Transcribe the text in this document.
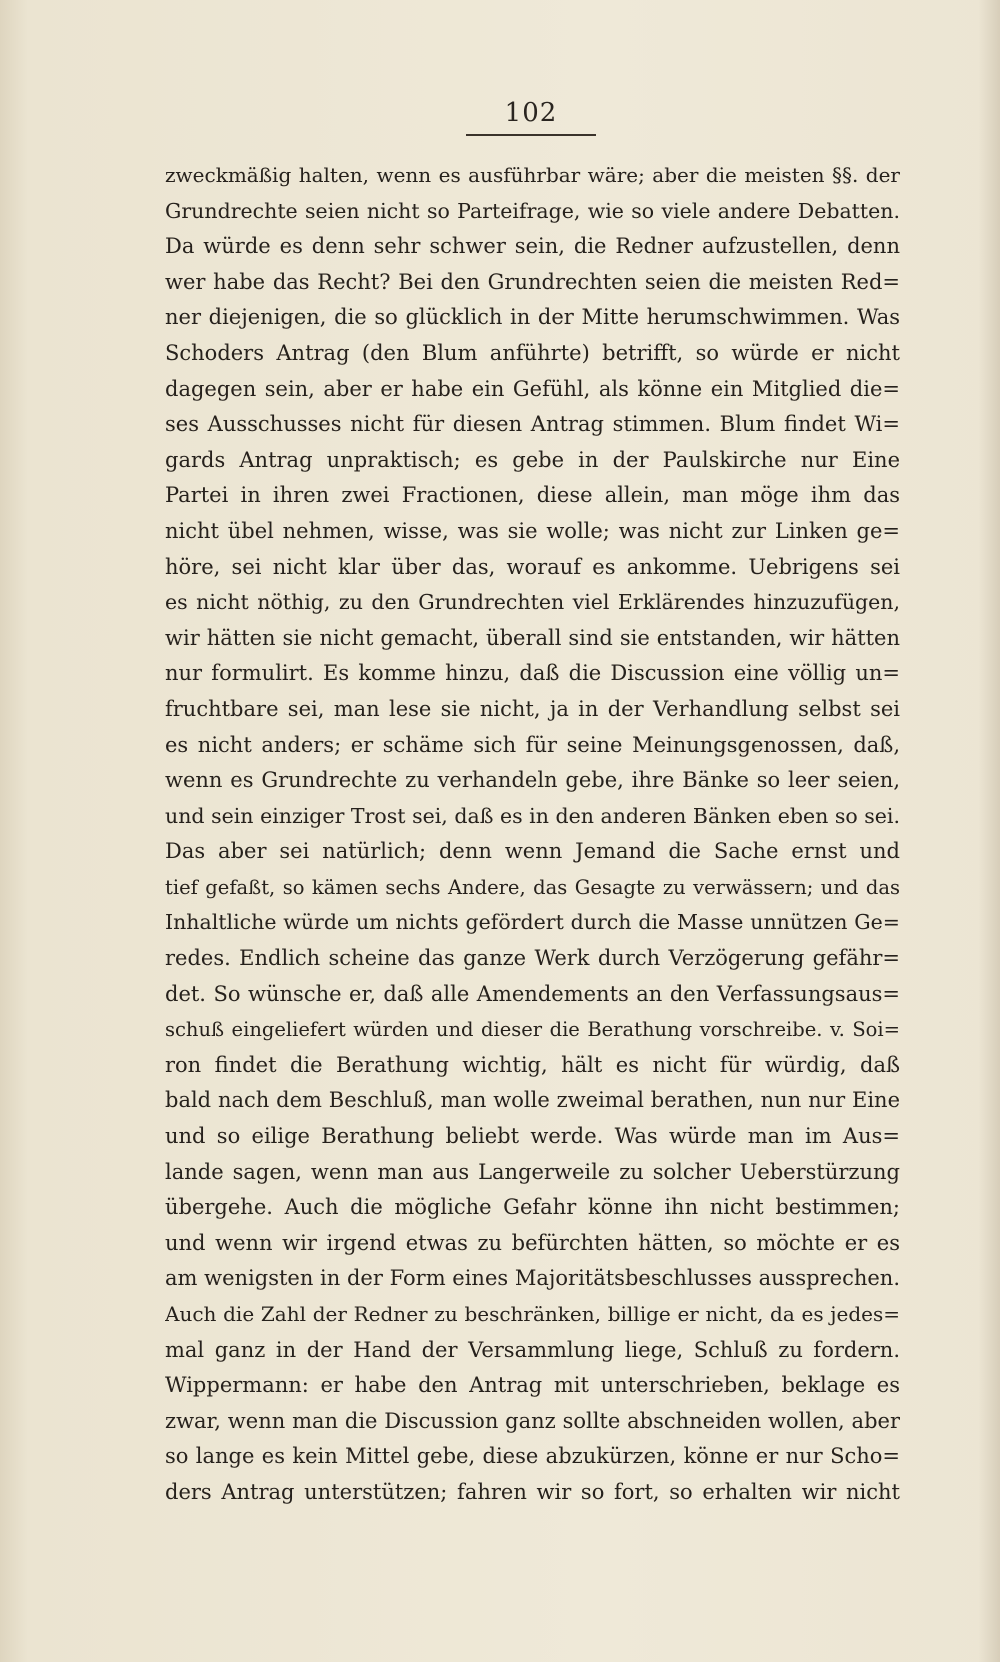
102
zweckmäßig halten, wenn es ausführbar wäre; aber die meisten §§. der
Grundrechte seien nicht so Parteifrage, wie so viele andere Debatten.
Da würde es denn sehr schwer sein, die Redner aufzustellen, denn
wer habe das Recht? Bei den Grundrechten seien die meisten Red=
ner diejenigen, die so glücklich in der Mitte herumschwimmen. Was
Schoders Antrag (den Blum anführte) betrifft, so würde er nicht
dagegen sein, aber er habe ein Gefühl, als könne ein Mitglied die=
ses Ausschusses nicht für diesen Antrag stimmen. Blum findet Wi=
gards Antrag unpraktisch; es gebe in der Paulskirche nur Eine
Partei in ihren zwei Fractionen, diese allein, man möge ihm das
nicht übel nehmen, wisse, was sie wolle; was nicht zur Linken ge=
höre, sei nicht klar über das, worauf es ankomme. Uebrigens sei
es nicht nöthig, zu den Grundrechten viel Erklärendes hinzuzufügen,
wir hätten sie nicht gemacht, überall sind sie entstanden, wir hätten
nur formulirt. Es komme hinzu, daß die Discussion eine völlig un=
fruchtbare sei, man lese sie nicht, ja in der Verhandlung selbst sei
es nicht anders; er schäme sich für seine Meinungsgenossen, daß,
wenn es Grundrechte zu verhandeln gebe, ihre Bänke so leer seien,
und sein einziger Trost sei, daß es in den anderen Bänken eben so sei.
Das aber sei natürlich; denn wenn Jemand die Sache ernst und
tief gefaßt, so kämen sechs Andere, das Gesagte zu verwässern; und das
Inhaltliche würde um nichts gefördert durch die Masse unnützen Ge=
redes. Endlich scheine das ganze Werk durch Verzögerung gefähr=
det. So wünsche er, daß alle Amendements an den Verfassungsaus=
schuß eingeliefert würden und dieser die Berathung vorschreibe. v. Soi=
ron findet die Berathung wichtig, hält es nicht für würdig, daß
bald nach dem Beschluß, man wolle zweimal berathen, nun nur Eine
und so eilige Berathung beliebt werde. Was würde man im Aus=
lande sagen, wenn man aus Langerweile zu solcher Ueberstürzung
übergehe. Auch die mögliche Gefahr könne ihn nicht bestimmen;
und wenn wir irgend etwas zu befürchten hätten, so möchte er es
am wenigsten in der Form eines Majoritätsbeschlusses aussprechen.
Auch die Zahl der Redner zu beschränken, billige er nicht, da es jedes=
mal ganz in der Hand der Versammlung liege, Schluß zu fordern.
Wippermann: er habe den Antrag mit unterschrieben, beklage es
zwar, wenn man die Discussion ganz sollte abschneiden wollen, aber
so lange es kein Mittel gebe, diese abzukürzen, könne er nur Scho=
ders Antrag unterstützen; fahren wir so fort, so erhalten wir nicht
